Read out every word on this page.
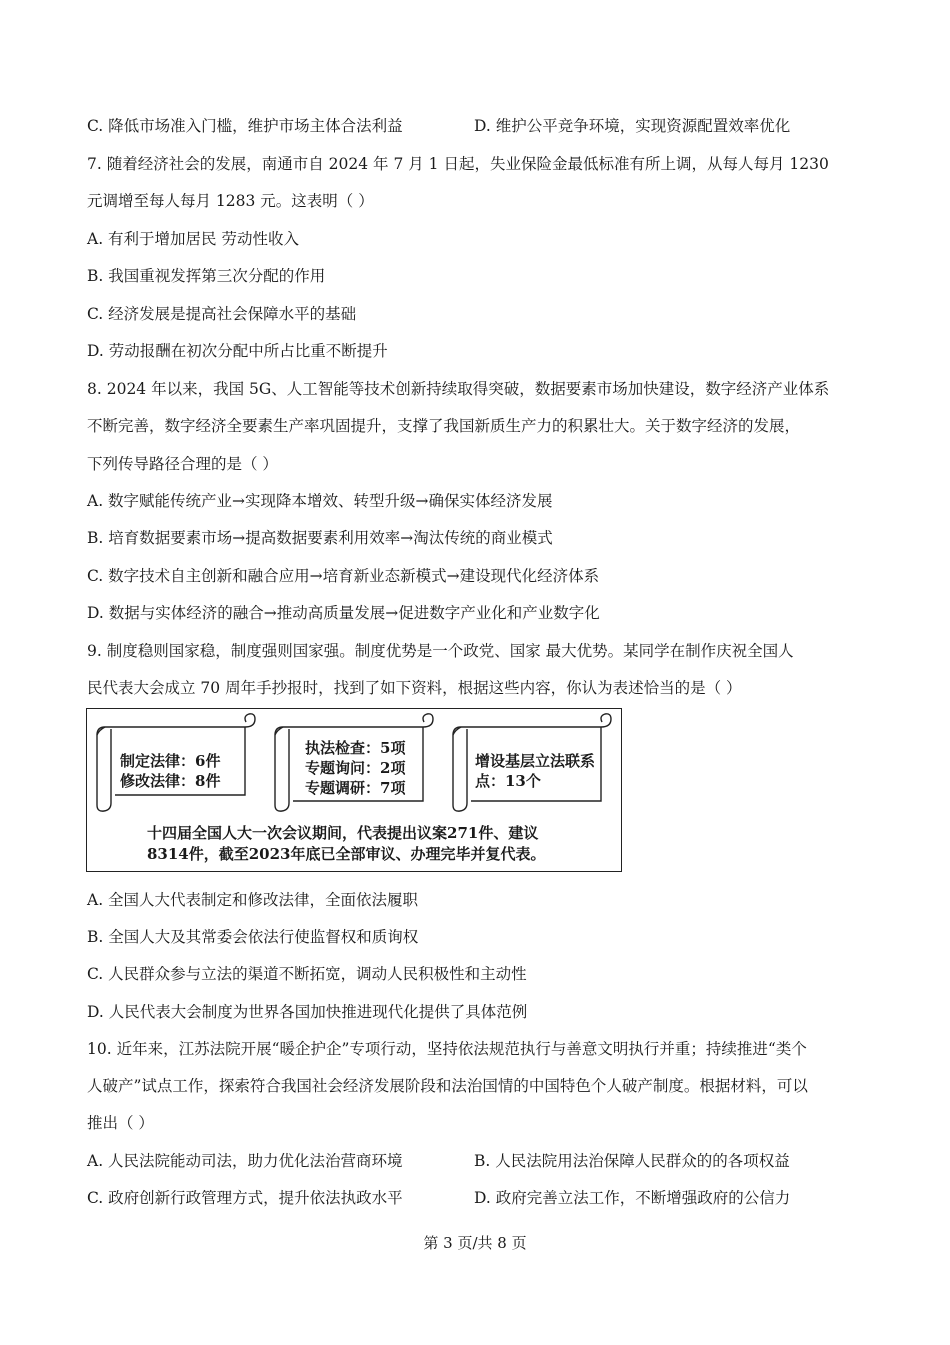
C. 降低市场准入门槛，维护市场主体合法利益	D. 维护公平竞争环境，实现资源配置效率优化
7. 随着经济社会的发展，南通市自 2024 年 7 月 1 日起，失业保险金最低标准有所上调，从每人每月 1230
元调增至每人每月 1283 元。这表明（ ）
A. 有利于增加居民 劳动性收入
B. 我国重视发挥第三次分配的作用
C. 经济发展是提高社会保障水平的基础
D. 劳动报酬在初次分配中所占比重不断提升
8. 2024 年以来，我国 5G、人工智能等技术创新持续取得突破，数据要素市场加快建设，数字经济产业体系
不断完善，数字经济全要素生产率巩固提升，支撑了我国新质生产力的积累壮大。关于数字经济的发展，
下列传导路径合理的是（ ）
A. 数字赋能传统产业→实现降本增效、转型升级→确保实体经济发展
B. 培育数据要素市场→提高数据要素利用效率→淘汰传统的商业模式
C. 数字技术自主创新和融合应用→培育新业态新模式→建设现代化经济体系
D. 数据与实体经济的融合→推动高质量发展→促进数字产业化和产业数字化
9. 制度稳则国家稳，制度强则国家强。制度优势是一个政党、国家 最大优势。某同学在制作庆祝全国人
民代表大会成立 70 周年手抄报时，找到了如下资料，根据这些内容，你认为表述恰当的是（ ）
制定法律：6件
修改法律：8件
执法检查：5项
专题询问：2项
专题调研：7项
增设基层立法联系
点：13个
十四届全国人大一次会议期间，代表提出议案271件、建议
8314件，截至2023年底已全部审议、办理完毕并复代表。
A. 全国人大代表制定和修改法律，全面依法履职
B. 全国人大及其常委会依法行使监督权和质询权
C. 人民群众参与立法的渠道不断拓宽，调动人民积极性和主动性
D. 人民代表大会制度为世界各国加快推进现代化提供了具体范例
10. 近年来，江苏法院开展“暖企护企”专项行动，坚持依法规范执行与善意文明执行并重；持续推进“类个
人破产”试点工作，探索符合我国社会经济发展阶段和法治国情的中国特色个人破产制度。根据材料，可以
推出（ ）
A. 人民法院能动司法，助力优化法治营商环境	B. 人民法院用法治保障人民群众的的各项权益
C. 政府创新行政管理方式，提升依法执政水平	D. 政府完善立法工作，不断增强政府的公信力
第 3 页/共 8 页
